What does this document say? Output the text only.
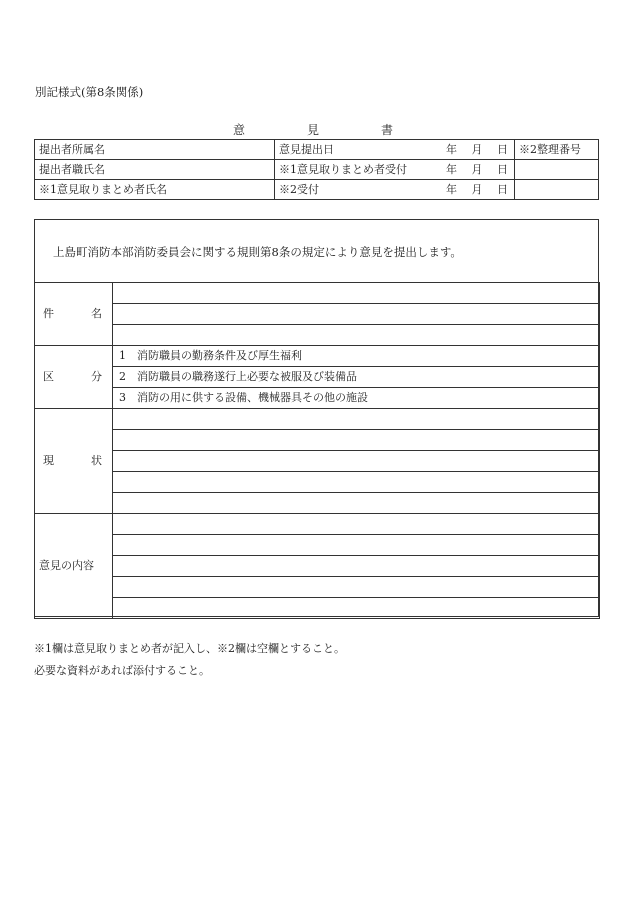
別記様式(第8条関係)
意	見	書
提出者所属名	意見提出日 年 月 日	※2整理番号
提出者職氏名	※1意見取りまとめ者受付 年 月 日	

※1意見取りまとめ者氏名	※2受付 年 月 日	

上島町消防本部消防委員会に関する規則第8条の規定により意見を提出します。
件 名	

区 分	1 消防職員の勤務条件及び厚生福利
	2 消防職員の職務遂行上必要な被服及び装備品
	3 消防の用に供する設備、機械器具その他の施設

現 状	

意見の内容	

※1欄は意見取りまとめ者が記入し、※2欄は空欄とすること。
必要な資料があれば添付すること。
